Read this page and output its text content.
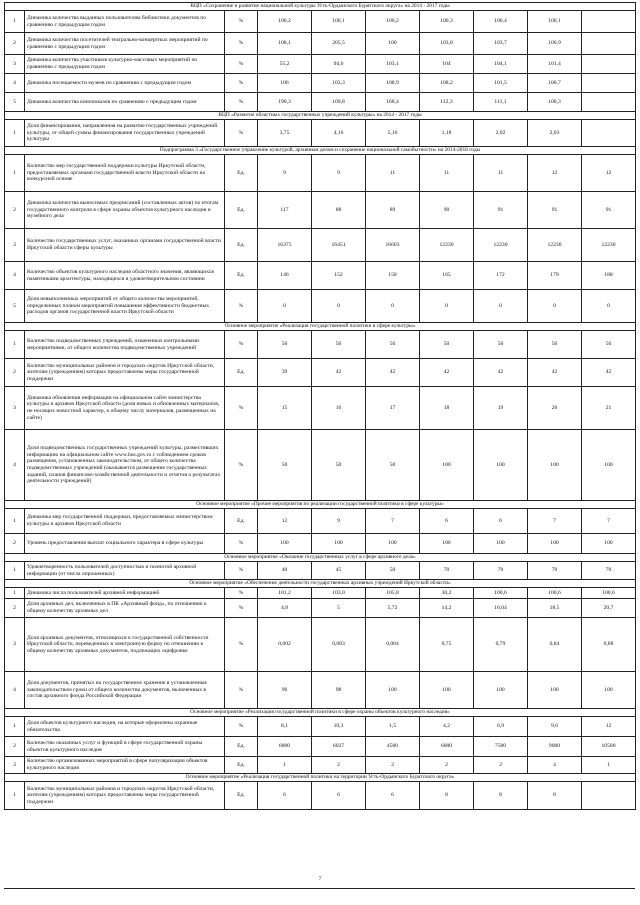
ВЦП «Сохранение и развитие национальной культуры Усть-Ордынского Бурятского округа» на 2014 - 2017 годы									
1	Динамика количества выданных пользователям библиотеки документов по сравнению с предыдущим годом	%	100,2	100,1	100,2	100,3	100,4	100,1	
2	Динамика количества посетителей театрально-концертных мероприятий по сравнению с предыдущим годом	%	108,1	205,5	100	103,8	103,7	100,9	
3	Динамика количества участников культурно-массовых мероприятий по сравнению с предыдущим годом	%	55,2	94,6	103,1	104	104,1	101,4	
4	Динамика посещаемости музеев по сравнению с предыдущим годом	%	106	103,3	108,9	108,2	101,5	100,7	
5	Динамика количества кинопоказов по сравнению с предыдущим годом	%	190,3	109,8	168,4	112,3	111,1	100,3	
ВЦП «Развитие областных государственных учреждений культуры» на 2014 - 2017 годы									
1	Доля финансирования, направленная на развитие государственных учреждений культуры, от общей суммы финансирования государственных учреждений культуры	%	3,75	4,16	5,16	1,18	2,02	2,03	
Подпрограмма 3 «Государственное управление культурой, архивным делом и сохранение национальной самобытности» на 2014-2018 годы									
1	Количество мер государственной поддержки культуры Иркутской области, предоставляемых органами государственной власти Иркутской области на конкурсной основе	Ед.	9	9	11	11	11	12	12
2	Динамика количества выносимых предписаний (составленных актов) по итогам государственного контроля в сфере охраны объектов культурного наследия и музейного дела	Ед.	117	88	89	90	91	91	91
3	Количество государственных услуг, оказанных органами государственной власти Иркутской области сферы культуры	Ед.	16375	16451	16603	12230	12230	12230	12230
4	Количество объектов культурного наследия областного значения, являющихся памятниками архитектуры, находящихся в удовлетворительном состоянии	Ед.	146	152	158	165	172	179	188
5	Доля невыполненных мероприятий от общего количества мероприятий, определенных планом мероприятий повышения эффективности бюджетных расходов органов государственной власти Иркутской области	%	0	0	0	0	0	0	0
Основное мероприятие «Реализация государственной политики в сфере культуры»									
1	Количество подведомственных учреждений, охваченных контрольными мероприятиями, от общего количества подведомственных учреждений	%	50	50	50	50	50	50	50
2	Количество муниципальных районов и городских округов Иркутской области, жителям (учреждениям) которых предоставлены меры государственной поддержки	Ед.	39	42	42	42	42	42	42
3	Динамика обновления информации на официальном сайте министерства культуры и архивов Иркутской области (доля новых и обновленных материалов, не носящих новостной характер, к общему числу материалов, размещенных на сайте)	%	15	16	17	18	19	20	21
4	Доля подведомственных государственных учреждений культуры, разместивших информацию на официальном сайте www.bus.gov.ru с соблюдением сроков размещения, установленных законодательством, от общего количества подведомственных учреждений (оказывается размещение государственных заданий, планов финансово-хозяйственной деятельности и отчетов о результатах деятельности учреждений)	%	50	50	50	100	100	100	100
Основное мероприятие «Прочие мероприятия по реализации государственной политики в сфере культуры»									
1	Динамика мер государственной поддержки, предоставляемых министерством культуры и архивов Иркутской области	Ед.	12	9	7	6	6	7	7
2	Уровень предоставления выплат социального характера в сфере культуры	%	100	100	100	100	100	100	100
Основное мероприятие «Оказание государственных услуг в сфере архивного дела»									
1	Удовлетворенность пользователей доступностью и полнотой архивной информации (от числа опрошенных)	%	40	45	50	70	70	70	70
Основное мероприятие «Обеспечение деятельности государственных архивных учреждений Иркутской области»									
1	Динамика числа пользователей архивной информацией	%	101,2	103,0	105,8	30,2	100,6	100,6	100,6
2	Доля архивных дел, включенных в ПК «Архивный фонд», по отношению к общему количеству архивных дел	%	4,8	5	5,72	14,2	16,04	18,5	20,7
3	Доля архивных документов, относящихся к государственной собственности Иркутской области, переведенных в электронную форму по отношению к общему количеству архивных документов, подлежащих оцифровке	%	0,002	0,003	0,004	0,75	0,79	0,84	0,88
4	Доля документов, принятых на государственное хранение в установленные законодательством сроки от общего количества документов, включенных в состав архивного фонда Российской Федерации	%	96	98	100	100	100	100	100
Основное мероприятие «Реализация государственной политики в сфере охраны объектов культурного наследия»									
1	Доля объектов культурного наследия, на которые оформлены охранные обязательства	%	8,1	10,3	1,5	4,2	6,9	9,6	12
2	Количество оказанных услуг и функций в сфере государственной охраны объектов культурного наследия	Ед.	6800	6027	4500	6000	7500	9000	10500
3	Количество организованных мероприятий в сфере популяризации объектов культурного наследия	Ед.	1	2	2	2	2	4	1
Основное мероприятие «Реализация государственной политики на территории Усть-Ордынского Бурятского округа»									
1	Количество муниципальных районов и городских округов Иркутской области, жителям (учреждениям) которых предоставлены меры государственной поддержки	Ед.	6	6	6	8	8	8	
7
